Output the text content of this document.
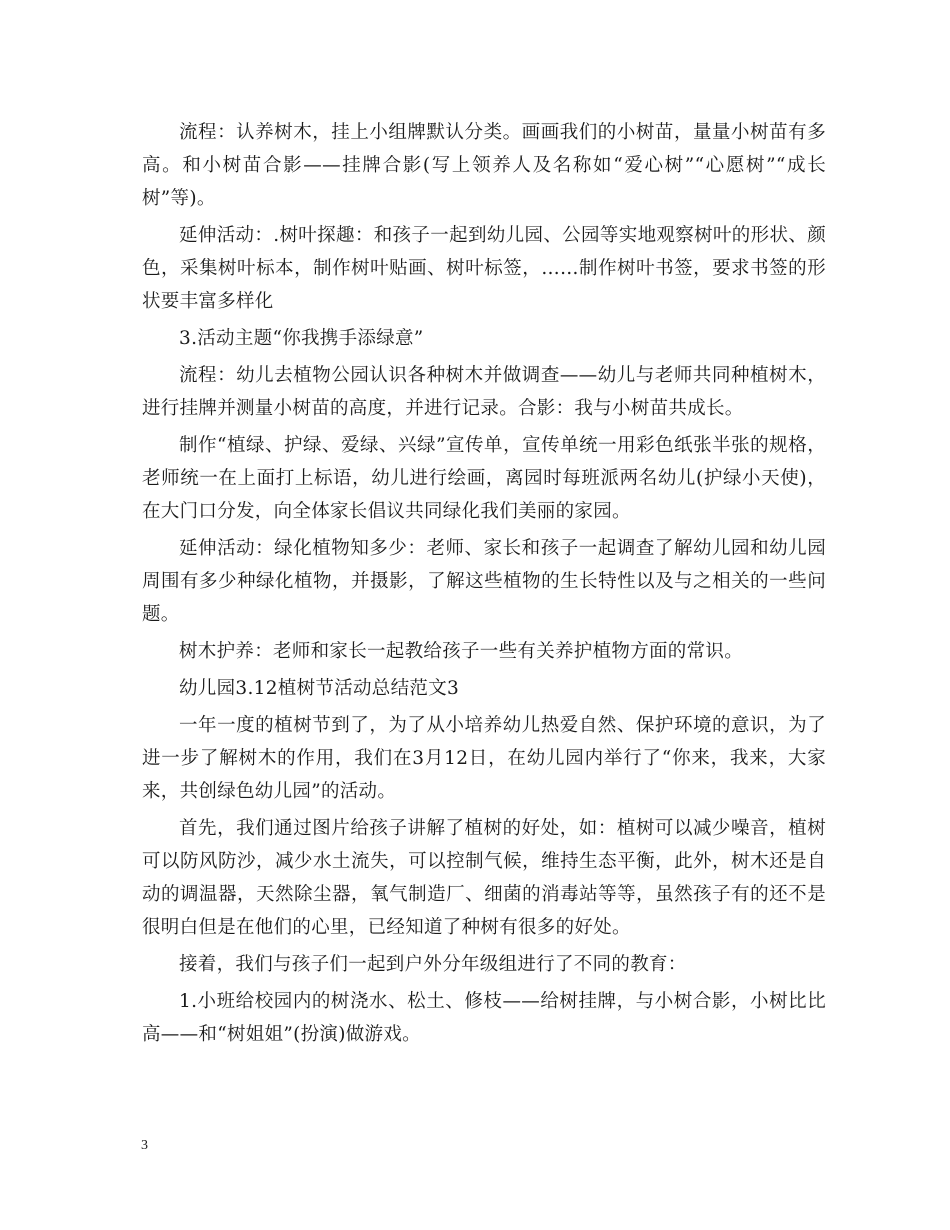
流程：认养树木，挂上小组牌默认分类。画画我们的小树苗，量量小树苗有多高。和小树苗合影——挂牌合影(写上领养人及名称如“爱心树”“心愿树”“成长树”等)。

延伸活动：.树叶探趣：和孩子一起到幼儿园、公园等实地观察树叶的形状、颜色，采集树叶标本，制作树叶贴画、树叶标签，……制作树叶书签，要求书签的形状要丰富多样化

3.活动主题“你我携手添绿意”

流程：幼儿去植物公园认识各种树木并做调查——幼儿与老师共同种植树木，进行挂牌并测量小树苗的高度，并进行记录。合影：我与小树苗共成长。

制作“植绿、护绿、爱绿、兴绿”宣传单，宣传单统一用彩色纸张半张的规格，老师统一在上面打上标语，幼儿进行绘画，离园时每班派两名幼儿(护绿小天使)，在大门口分发，向全体家长倡议共同绿化我们美丽的家园。

延伸活动：绿化植物知多少：老师、家长和孩子一起调查了解幼儿园和幼儿园周围有多少种绿化植物，并摄影，了解这些植物的生长特性以及与之相关的一些问题。

树木护养：老师和家长一起教给孩子一些有关养护植物方面的常识。

幼儿园3.12植树节活动总结范文3

一年一度的植树节到了，为了从小培养幼儿热爱自然、保护环境的意识，为了进一步了解树木的作用，我们在3月12日，在幼儿园内举行了“你来，我来，大家来，共创绿色幼儿园”的活动。

首先，我们通过图片给孩子讲解了植树的好处，如：植树可以减少噪音，植树可以防风防沙，减少水土流失，可以控制气候，维持生态平衡，此外，树木还是自动的调温器，天然除尘器，氧气制造厂、细菌的消毒站等等，虽然孩子有的还不是很明白但是在他们的心里，已经知道了种树有很多的好处。

接着，我们与孩子们一起到户外分年级组进行了不同的教育：

1.小班给校园内的树浇水、松土、修枝——给树挂牌，与小树合影，小树比比高——和“树姐姐”(扮演)做游戏。

3
